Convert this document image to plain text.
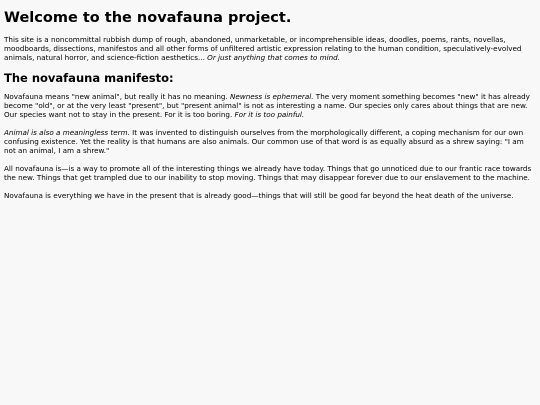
Welcome to the novafauna project.

This site is a noncommittal rubbish dump of rough, abandoned, unmarketable, or incomprehensible ideas, doodles, poems, rants, novellas, moodboards, dissections, manifestos and all other forms of unfiltered artistic expression relating to the human condition, speculatively-evolved animals, natural horror, and science-fiction aesthetics... Or just anything that comes to mind.

The novafauna manifesto:

Novafauna means "new animal", but really it has no meaning. Newness is ephemeral. The very moment something becomes "new" it has already become "old", or at the very least "present", but "present animal" is not as interesting a name. Our species only cares about things that are new. Our species want not to stay in the present. For it is too boring. For it is too painful.

Animal is also a meaningless term. It was invented to distinguish ourselves from the morphologically different, a coping mechanism for our own confusing existence. Yet the reality is that humans are also animals. Our common use of that word is as equally absurd as a shrew saying: "I am not an animal, I am a shrew."

All novafauna is—is a way to promote all of the interesting things we already have today. Things that go unnoticed due to our frantic race towards the new. Things that get trampled due to our inability to stop moving. Things that may disappear forever due to our enslavement to the machine.

Novafauna is everything we have in the present that is already good—things that will still be good far beyond the heat death of the universe.
